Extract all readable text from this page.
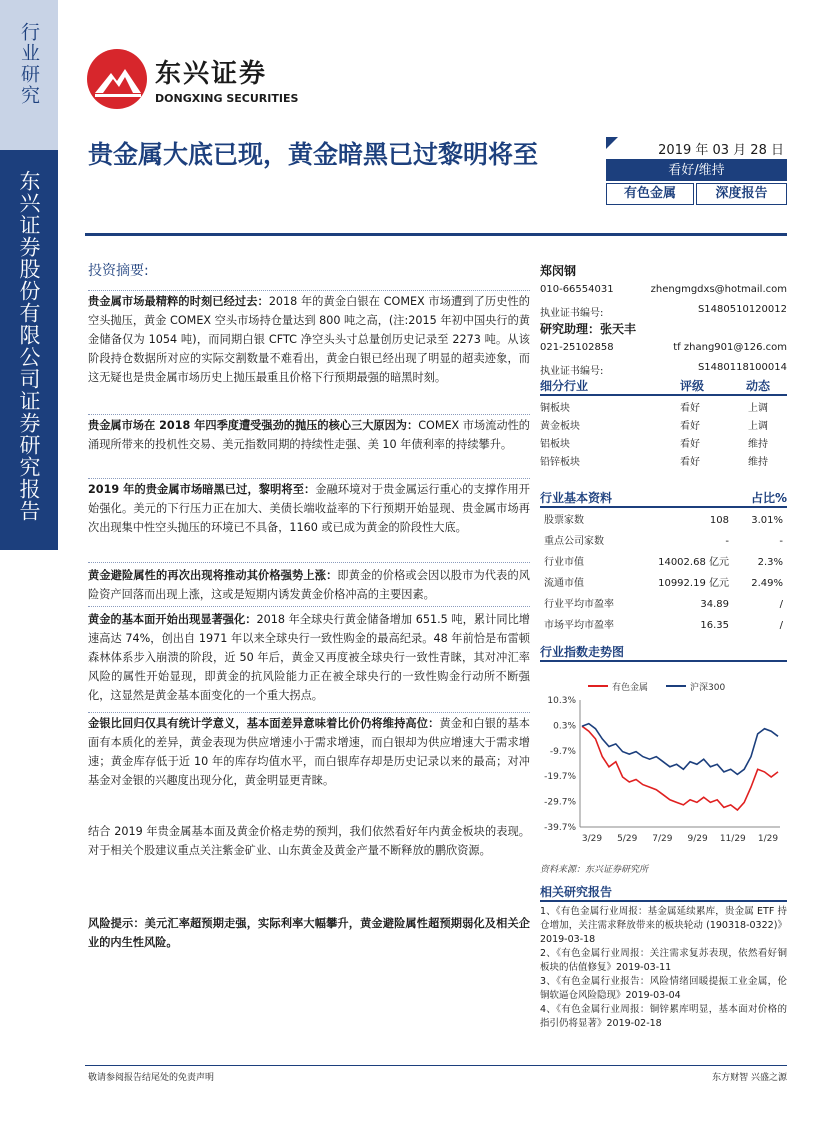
行业研究
东兴证券股份有限公司证券研究报告
东兴证券
DONGXING SECURITIES
贵金属大底已现，黄金暗黑已过黎明将至	2019 年 03 月 28 日
看好/维持
有色金属	深度报告
投资摘要:
贵金属市场最精粹的时刻已经过去：2018 年的黄金白银在 COMEX 市场遭到了历史性的空头抛压，黄金 COMEX 空头市场持仓量达到 800 吨之高，(注:2015 年初中国央行的黄金储备仅为 1054 吨)，而同期白银 CFTC 净空头头寸总量创历史记录至 2273 吨。从该阶段持仓数据所对应的实际交割数量不难看出，黄金白银已经出现了明显的超卖迹象，而这无疑也是贵金属市场历史上抛压最重且价格下行预期最强的暗黑时刻。
贵金属市场在 2018 年四季度遭受强劲的抛压的核心三大原因为：COMEX 市场流动性的涌现所带来的投机性交易、美元指数同期的持续性走强、美 10 年债利率的持续攀升。
2019 年的贵金属市场暗黑已过，黎明将至：金融环境对于贵金属运行重心的支撑作用开始强化。美元的下行压力正在加大、美债长端收益率的下行预期开始显现、贵金属市场再次出现集中性空头抛压的环境已不具备，1160 或已成为黄金的阶段性大底。
黄金避险属性的再次出现将推动其价格强势上涨：即黄金的价格或会因以股市为代表的风险资产回落而出现上涨，这或是短期内诱发黄金价格冲高的主要因素。
黄金的基本面开始出现显著强化：2018 年全球央行黄金储备增加 651.5 吨，累计同比增速高达 74%，创出自 1971 年以来全球央行一致性购金的最高纪录。48 年前恰是布雷顿森林体系步入崩溃的阶段，近 50 年后，黄金又再度被全球央行一致性青睐，其对冲汇率风险的属性开始显现，即黄金的抗风险能力正在被全球央行的一致性购金行动所不断强化，这显然是黄金基本面变化的一个重大拐点。
金银比回归仅具有统计学意义，基本面差异意味着比价仍将维持高位：黄金和白银的基本面有本质化的差异，黄金表现为供应增速小于需求增速，而白银却为供应增速大于需求增速；黄金库存低于近 10 年的库存均值水平，而白银库存却是历史记录以来的最高；对冲基金对金银的兴趣度出现分化，黄金明显更青睐。
结合 2019 年贵金属基本面及黄金价格走势的预判，我们依然看好年内黄金板块的表现。对于相关个股建议重点关注紫金矿业、山东黄金及黄金产量不断释放的鹏欣资源。
风险提示：美元汇率超预期走强，实际利率大幅攀升，黄金避险属性超预期弱化及相关企业的内生性风险。
郑闵钢
010-66554031	zhengmgdxs@hotmail.com
执业证书编号:	S1480510120012
研究助理：张天丰
021-25102858	tf zhang901@126.com
执业证书编号:	S1480118100014
细分行业	评级	动态
铜板块	看好	上调
黄金板块	看好	上调
铝板块	看好	维持
铅锌板块	看好	维持
行业基本资料	占比%
股票家数	108 3.01%
重点公司家数	-	-
行业市值	14002.68 亿元	2.3%
流通市值	10992.19 亿元 2.49%
行业平均市盈率	34.89	/
市场平均市盈率	16.35	/
行业指数走势图
10.3%
0.3%
-9.7%
-19.7%
-29.7%
-39.7%
3/29 5/29 7/29 9/29 11/29 1/29
有色金属	沪深300
资料来源：东兴证券研究所
相关研究报告
1、《有色金属行业周报：基金属延续累库，贵金属 ETF 持仓增加，关注需求释放带来的板块轮动 (190318-0322)》2019-03-18
2、《有色金属行业周报：关注需求复苏表现，依然看好铜板块的估值修复》2019-03-11
3、《有色金属行业报告：风险情绪回暖提振工业金属，伦铜软逼仓风险隐现》2019-03-04
4、《有色金属行业周报：铜锌累库明显，基本面对价格的指引仍将显著》2019-02-18
敬请参阅报告结尾处的免责声明	东方财智 兴盛之源
